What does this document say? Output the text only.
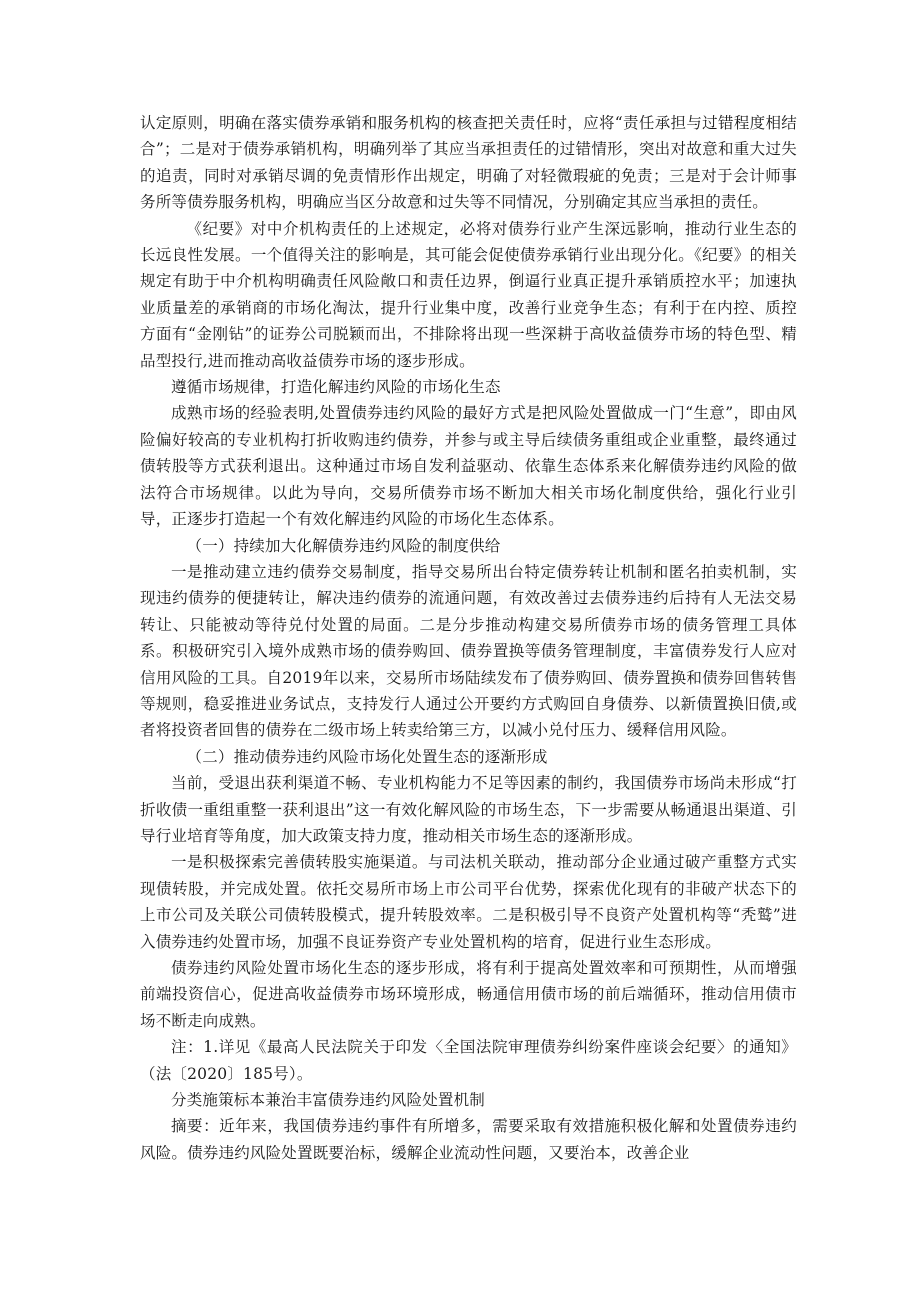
认定原则，明确在落实债券承销和服务机构的核查把关责任时，应将“责任承担与过错程度相结合”；二是对于债券承销机构，明确列举了其应当承担责任的过错情形，突出对故意和重大过失的追责，同时对承销尽调的免责情形作出规定，明确了对轻微瑕疵的免责；三是对于会计师事务所等债券服务机构，明确应当区分故意和过失等不同情况，分别确定其应当承担的责任。

《纪要》对中介机构责任的上述规定，必将对债券行业产生深远影响，推动行业生态的长远良性发展。一个值得关注的影响是，其可能会促使债券承销行业出现分化。《纪要》的相关规定有助于中介机构明确责任风险敞口和责任边界，倒逼行业真正提升承销质控水平；加速执业质量差的承销商的市场化淘汰，提升行业集中度，改善行业竞争生态；有利于在内控、质控方面有“金刚钻”的证券公司脱颖而出，不排除将出现一些深耕于高收益债券市场的特色型、精品型投行,进而推动高收益债券市场的逐步形成。

遵循市场规律，打造化解违约风险的市场化生态

成熟市场的经验表明,处置债券违约风险的最好方式是把风险处置做成一门“生意”，即由风险偏好较高的专业机构打折收购违约债券，并参与或主导后续债务重组或企业重整，最终通过债转股等方式获利退出。这种通过市场自发利益驱动、依靠生态体系来化解债券违约风险的做法符合市场规律。以此为导向，交易所债券市场不断加大相关市场化制度供给，强化行业引导，正逐步打造起一个有效化解违约风险的市场化生态体系。

（一）持续加大化解债券违约风险的制度供给

一是推动建立违约债券交易制度，指导交易所出台特定债券转让机制和匿名拍卖机制，实现违约债券的便捷转让，解决违约债券的流通问题，有效改善过去债券违约后持有人无法交易转让、只能被动等待兑付处置的局面。二是分步推动构建交易所债券市场的债务管理工具体系。积极研究引入境外成熟市场的债券购回、债券置换等债务管理制度，丰富债券发行人应对信用风险的工具。自2019年以来，交易所市场陆续发布了债券购回、债券置换和债券回售转售等规则，稳妥推进业务试点，支持发行人通过公开要约方式购回自身债券、以新债置换旧债,或者将投资者回售的债券在二级市场上转卖给第三方，以减小兑付压力、缓释信用风险。

（二）推动债券违约风险市场化处置生态的逐渐形成

当前，受退出获利渠道不畅、专业机构能力不足等因素的制约，我国债券市场尚未形成“打折收债一重组重整一获利退出”这一有效化解风险的市场生态，下一步需要从畅通退出渠道、引导行业培育等角度，加大政策支持力度，推动相关市场生态的逐渐形成。

一是积极探索完善债转股实施渠道。与司法机关联动，推动部分企业通过破产重整方式实现债转股，并完成处置。依托交易所市场上市公司平台优势，探索优化现有的非破产状态下的上市公司及关联公司债转股模式，提升转股效率。二是积极引导不良资产处置机构等“秃鹫”进入债券违约处置市场，加强不良证券资产专业处置机构的培育，促进行业生态形成。

债券违约风险处置市场化生态的逐步形成，将有利于提高处置效率和可预期性，从而增强前端投资信心，促进高收益债券市场环境形成，畅通信用债市场的前后端循环，推动信用债市场不断走向成熟。

注：1.详见《最高人民法院关于印发〈全国法院审理债券纠纷案件座谈会纪要〉的通知》（法〔2020〕185号）。

分类施策标本兼治丰富债券违约风险处置机制

摘要：近年来，我国债券违约事件有所增多，需要采取有效措施积极化解和处置债券违约风险。债券违约风险处置既要治标，缓解企业流动性问题，又要治本，改善企业
